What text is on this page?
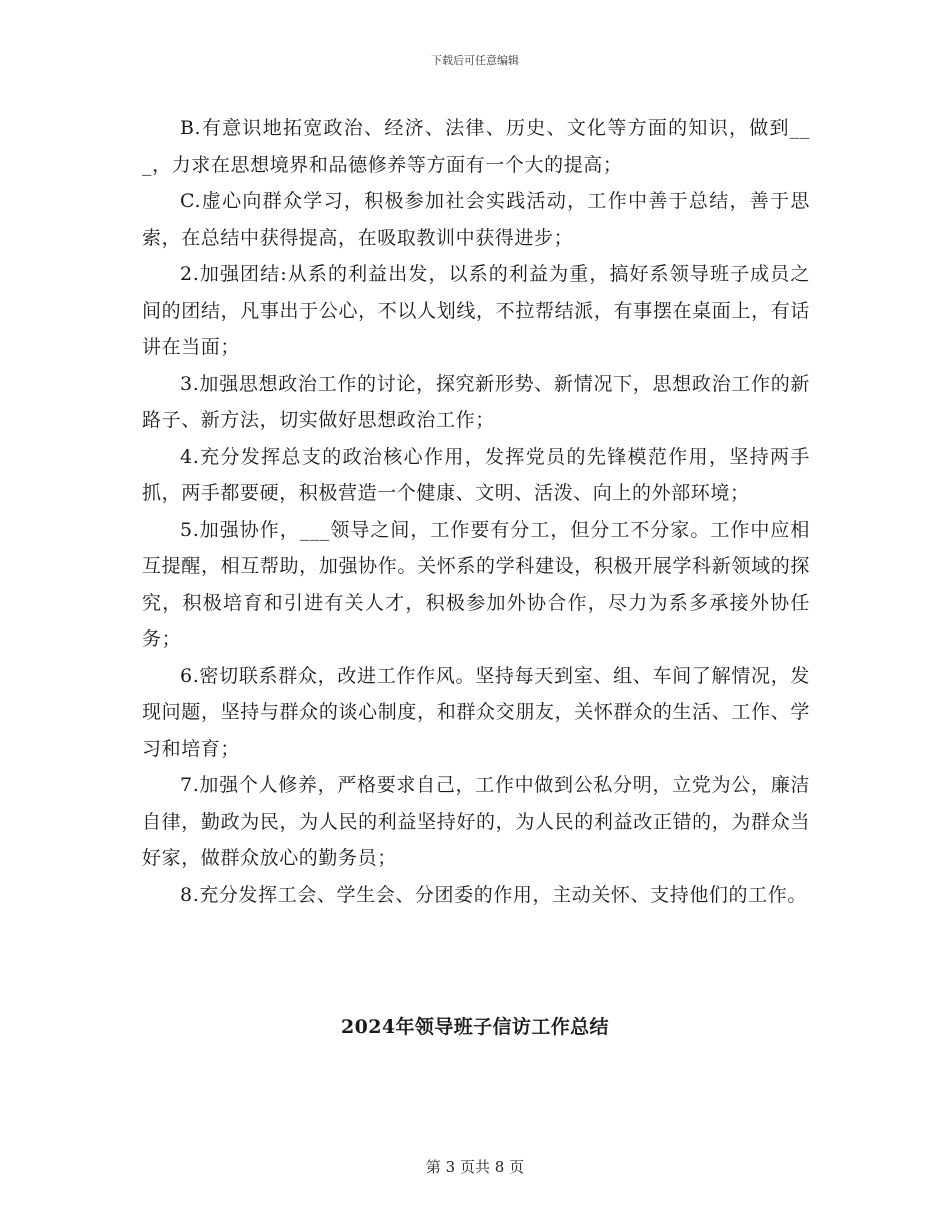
下载后可任意编辑

B.有意识地拓宽政治、经济、法律、历史、文化等方面的知识，做到___，力求在思想境界和品德修养等方面有一个大的提高；

C.虚心向群众学习，积极参加社会实践活动，工作中善于总结，善于思索，在总结中获得提高，在吸取教训中获得进步；

2.加强团结:从系的利益出发，以系的利益为重，搞好系领导班子成员之间的团结，凡事出于公心，不以人划线，不拉帮结派，有事摆在桌面上，有话讲在当面；

3.加强思想政治工作的讨论，探究新形势、新情况下，思想政治工作的新路子、新方法，切实做好思想政治工作；

4.充分发挥总支的政治核心作用，发挥党员的先锋模范作用，坚持两手抓，两手都要硬，积极营造一个健康、文明、活泼、向上的外部环境；

5.加强协作，___领导之间，工作要有分工，但分工不分家。工作中应相互提醒，相互帮助，加强协作。关怀系的学科建设，积极开展学科新领域的探究，积极培育和引进有关人才，积极参加外协合作，尽力为系多承接外协任务；

6.密切联系群众，改进工作作风。坚持每天到室、组、车间了解情况，发现问题，坚持与群众的谈心制度，和群众交朋友，关怀群众的生活、工作、学习和培育；

7.加强个人修养，严格要求自己，工作中做到公私分明，立党为公，廉洁自律，勤政为民，为人民的利益坚持好的，为人民的利益改正错的，为群众当好家，做群众放心的勤务员；

8.充分发挥工会、学生会、分团委的作用，主动关怀、支持他们的工作。

2024年领导班子信访工作总结
第 3 页共 8 页
